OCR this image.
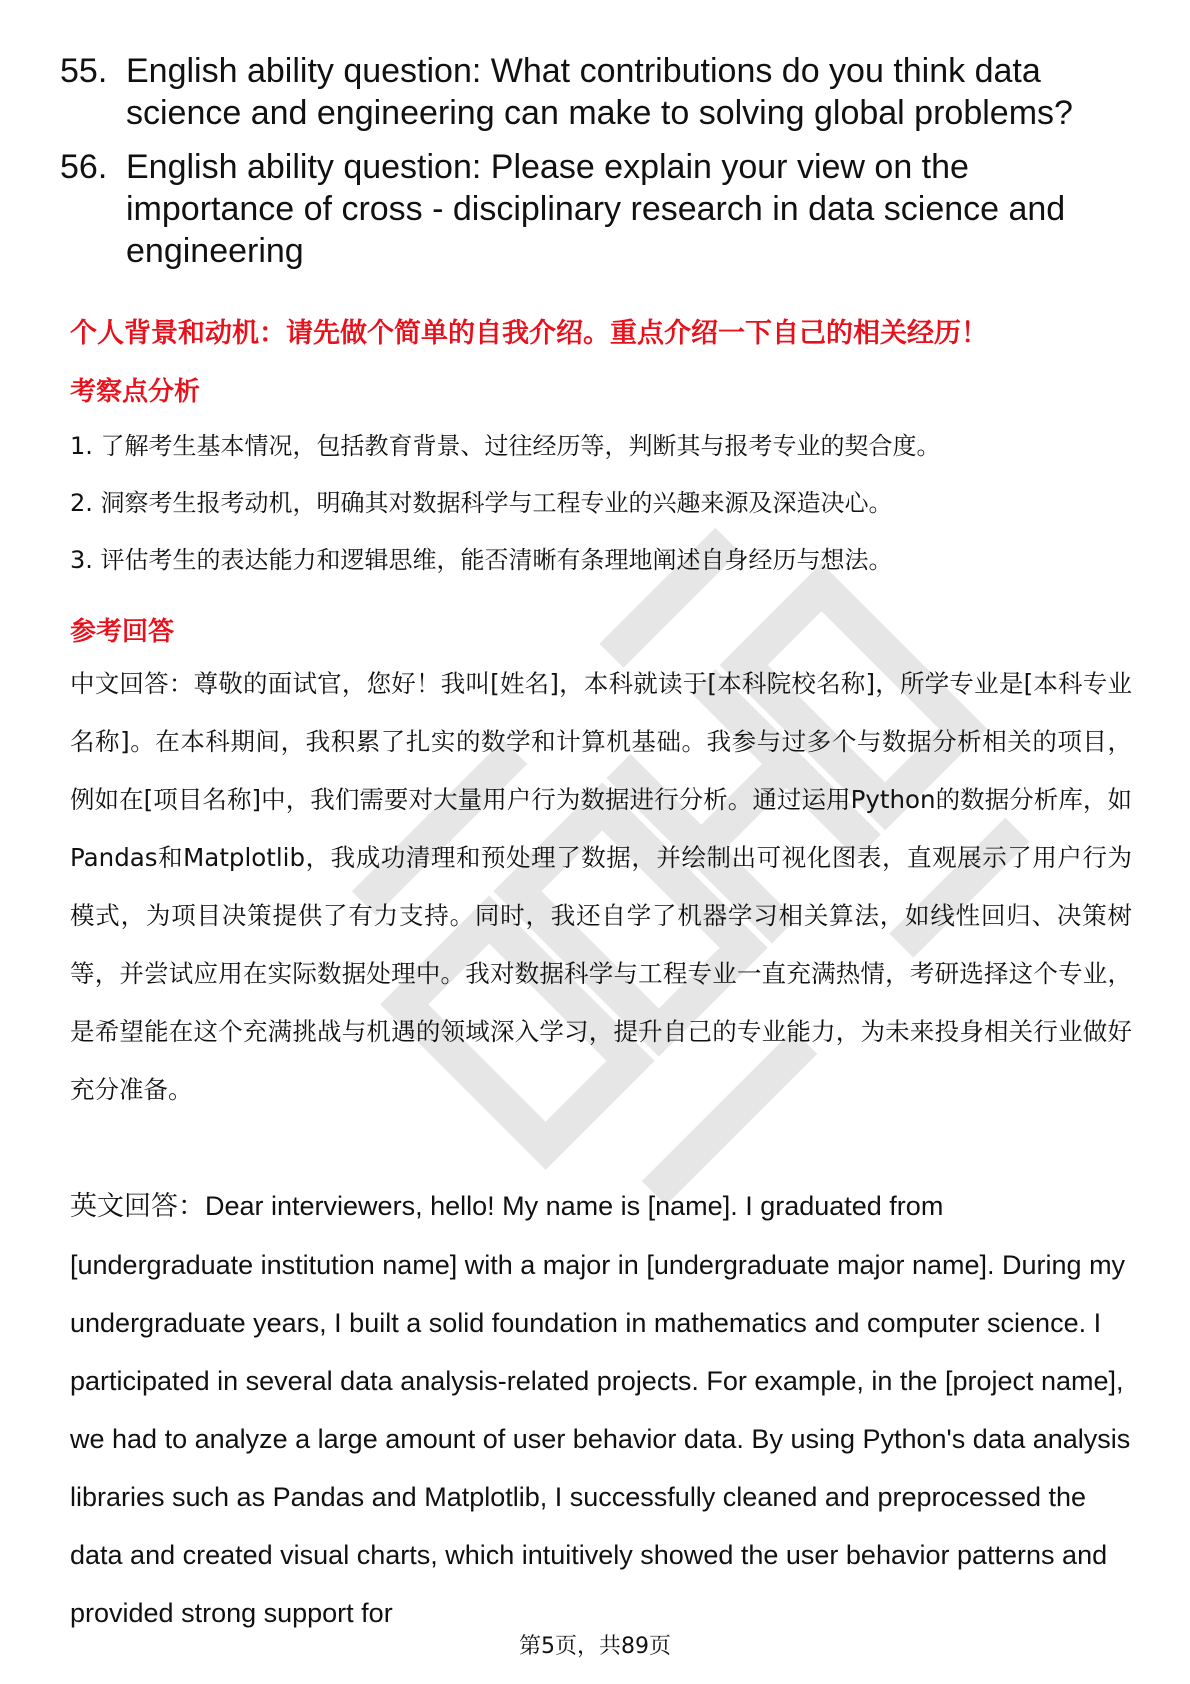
55. English ability question: What contributions do you think data science and engineering can make to solving global problems?
56. English ability question: Please explain your view on the importance of cross - disciplinary research in data science and engineering
个人背景和动机：请先做个简单的自我介绍。重点介绍一下自己的相关经历！
考察点分析
1. 了解考生基本情况，包括教育背景、过往经历等，判断其与报考专业的契合度。
2. 洞察考生报考动机，明确其对数据科学与工程专业的兴趣来源及深造决心。
3. 评估考生的表达能力和逻辑思维，能否清晰有条理地阐述自身经历与想法。
参考回答

中文回答：尊敬的面试官，您好！我叫[姓名]，本科就读于[本科院校名称]，所学专业是[本科专业名称]。在本科期间，我积累了扎实的数学和计算机基础。我参与过多个与数据分析相关的项目，例如在[项目名称]中，我们需要对大量用户行为数据进行分析。通过运用Python的数据分析库，如Pandas和Matplotlib，我成功清理和预处理了数据，并绘制出可视化图表，直观展示了用户行为模式，为项目决策提供了有力支持。同时，我还自学了机器学习相关算法，如线性回归、决策树等，并尝试应用在实际数据处理中。我对数据科学与工程专业一直充满热情，考研选择这个专业，是希望能在这个充满挑战与机遇的领域深入学习，提升自己的专业能力，为未来投身相关行业做好充分准备。

英文回答：Dear interviewers, hello! My name is [name]. I graduated from [undergraduate institution name] with a major in [undergraduate major name]. During my undergraduate years, I built a solid foundation in mathematics and computer science. I participated in several data analysis-related projects. For example, in the [project name], we had to analyze a large amount of user behavior data. By using Python's data analysis libraries such as Pandas and Matplotlib, I successfully cleaned and preprocessed the data and created visual charts, which intuitively showed the user behavior patterns and provided strong support for

第5页，共89页
